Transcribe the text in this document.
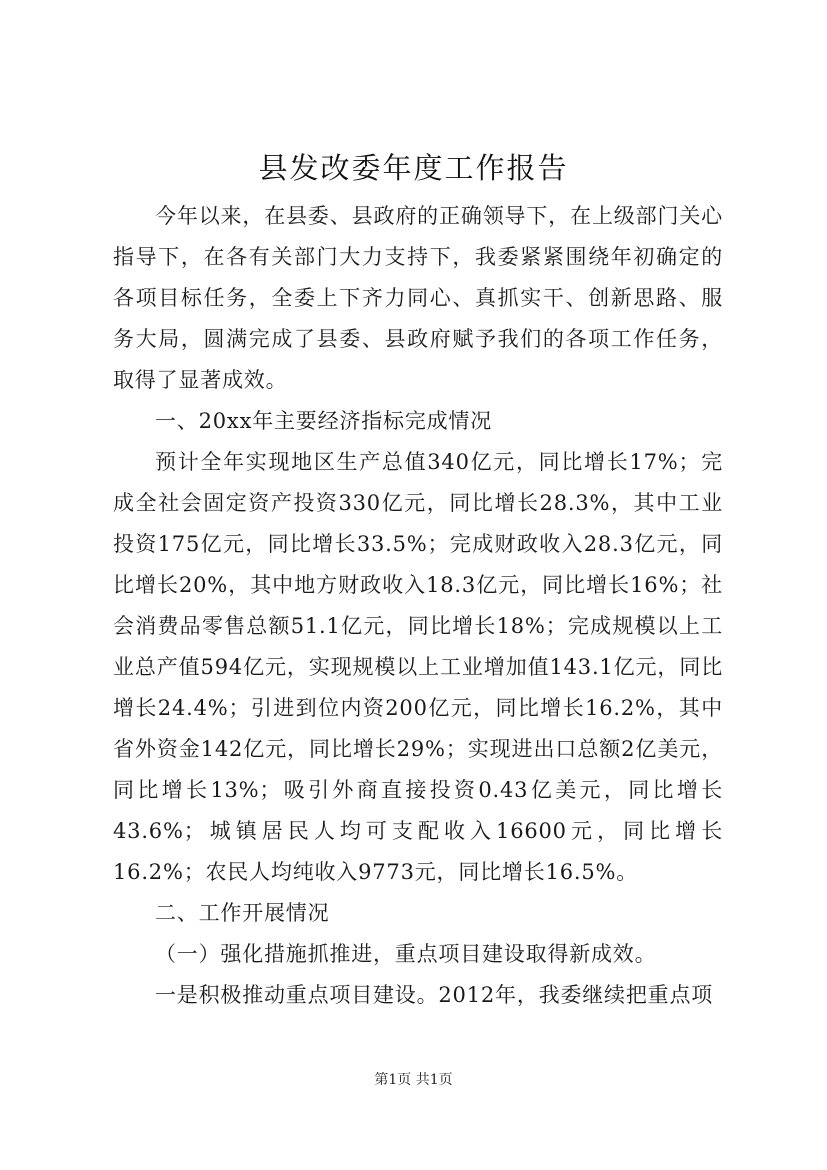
县发改委年度工作报告

今年以来，在县委、县政府的正确领导下，在上级部门关心指导下，在各有关部门大力支持下，我委紧紧围绕年初确定的各项目标任务，全委上下齐力同心、真抓实干、创新思路、服务大局，圆满完成了县委、县政府赋予我们的各项工作任务，取得了显著成效。

一、20xx年主要经济指标完成情况

预计全年实现地区生产总值340亿元，同比增长17%；完成全社会固定资产投资330亿元，同比增长28.3%，其中工业投资175亿元，同比增长33.5%；完成财政收入28.3亿元，同比增长20%，其中地方财政收入18.3亿元，同比增长16%；社会消费品零售总额51.1亿元，同比增长18%；完成规模以上工业总产值594亿元，实现规模以上工业增加值143.1亿元，同比增长24.4%；引进到位内资200亿元，同比增长16.2%，其中省外资金142亿元，同比增长29%；实现进出口总额2亿美元，同比增长13%；吸引外商直接投资0.43亿美元，同比增长43.6%；城镇居民人均可支配收入16600元，同比增长16.2%；农民人均纯收入9773元，同比增长16.5%。

二、工作开展情况

（一）强化措施抓推进，重点项目建设取得新成效。

一是积极推动重点项目建设。2012年，我委继续把重点项

第1页 共1页
